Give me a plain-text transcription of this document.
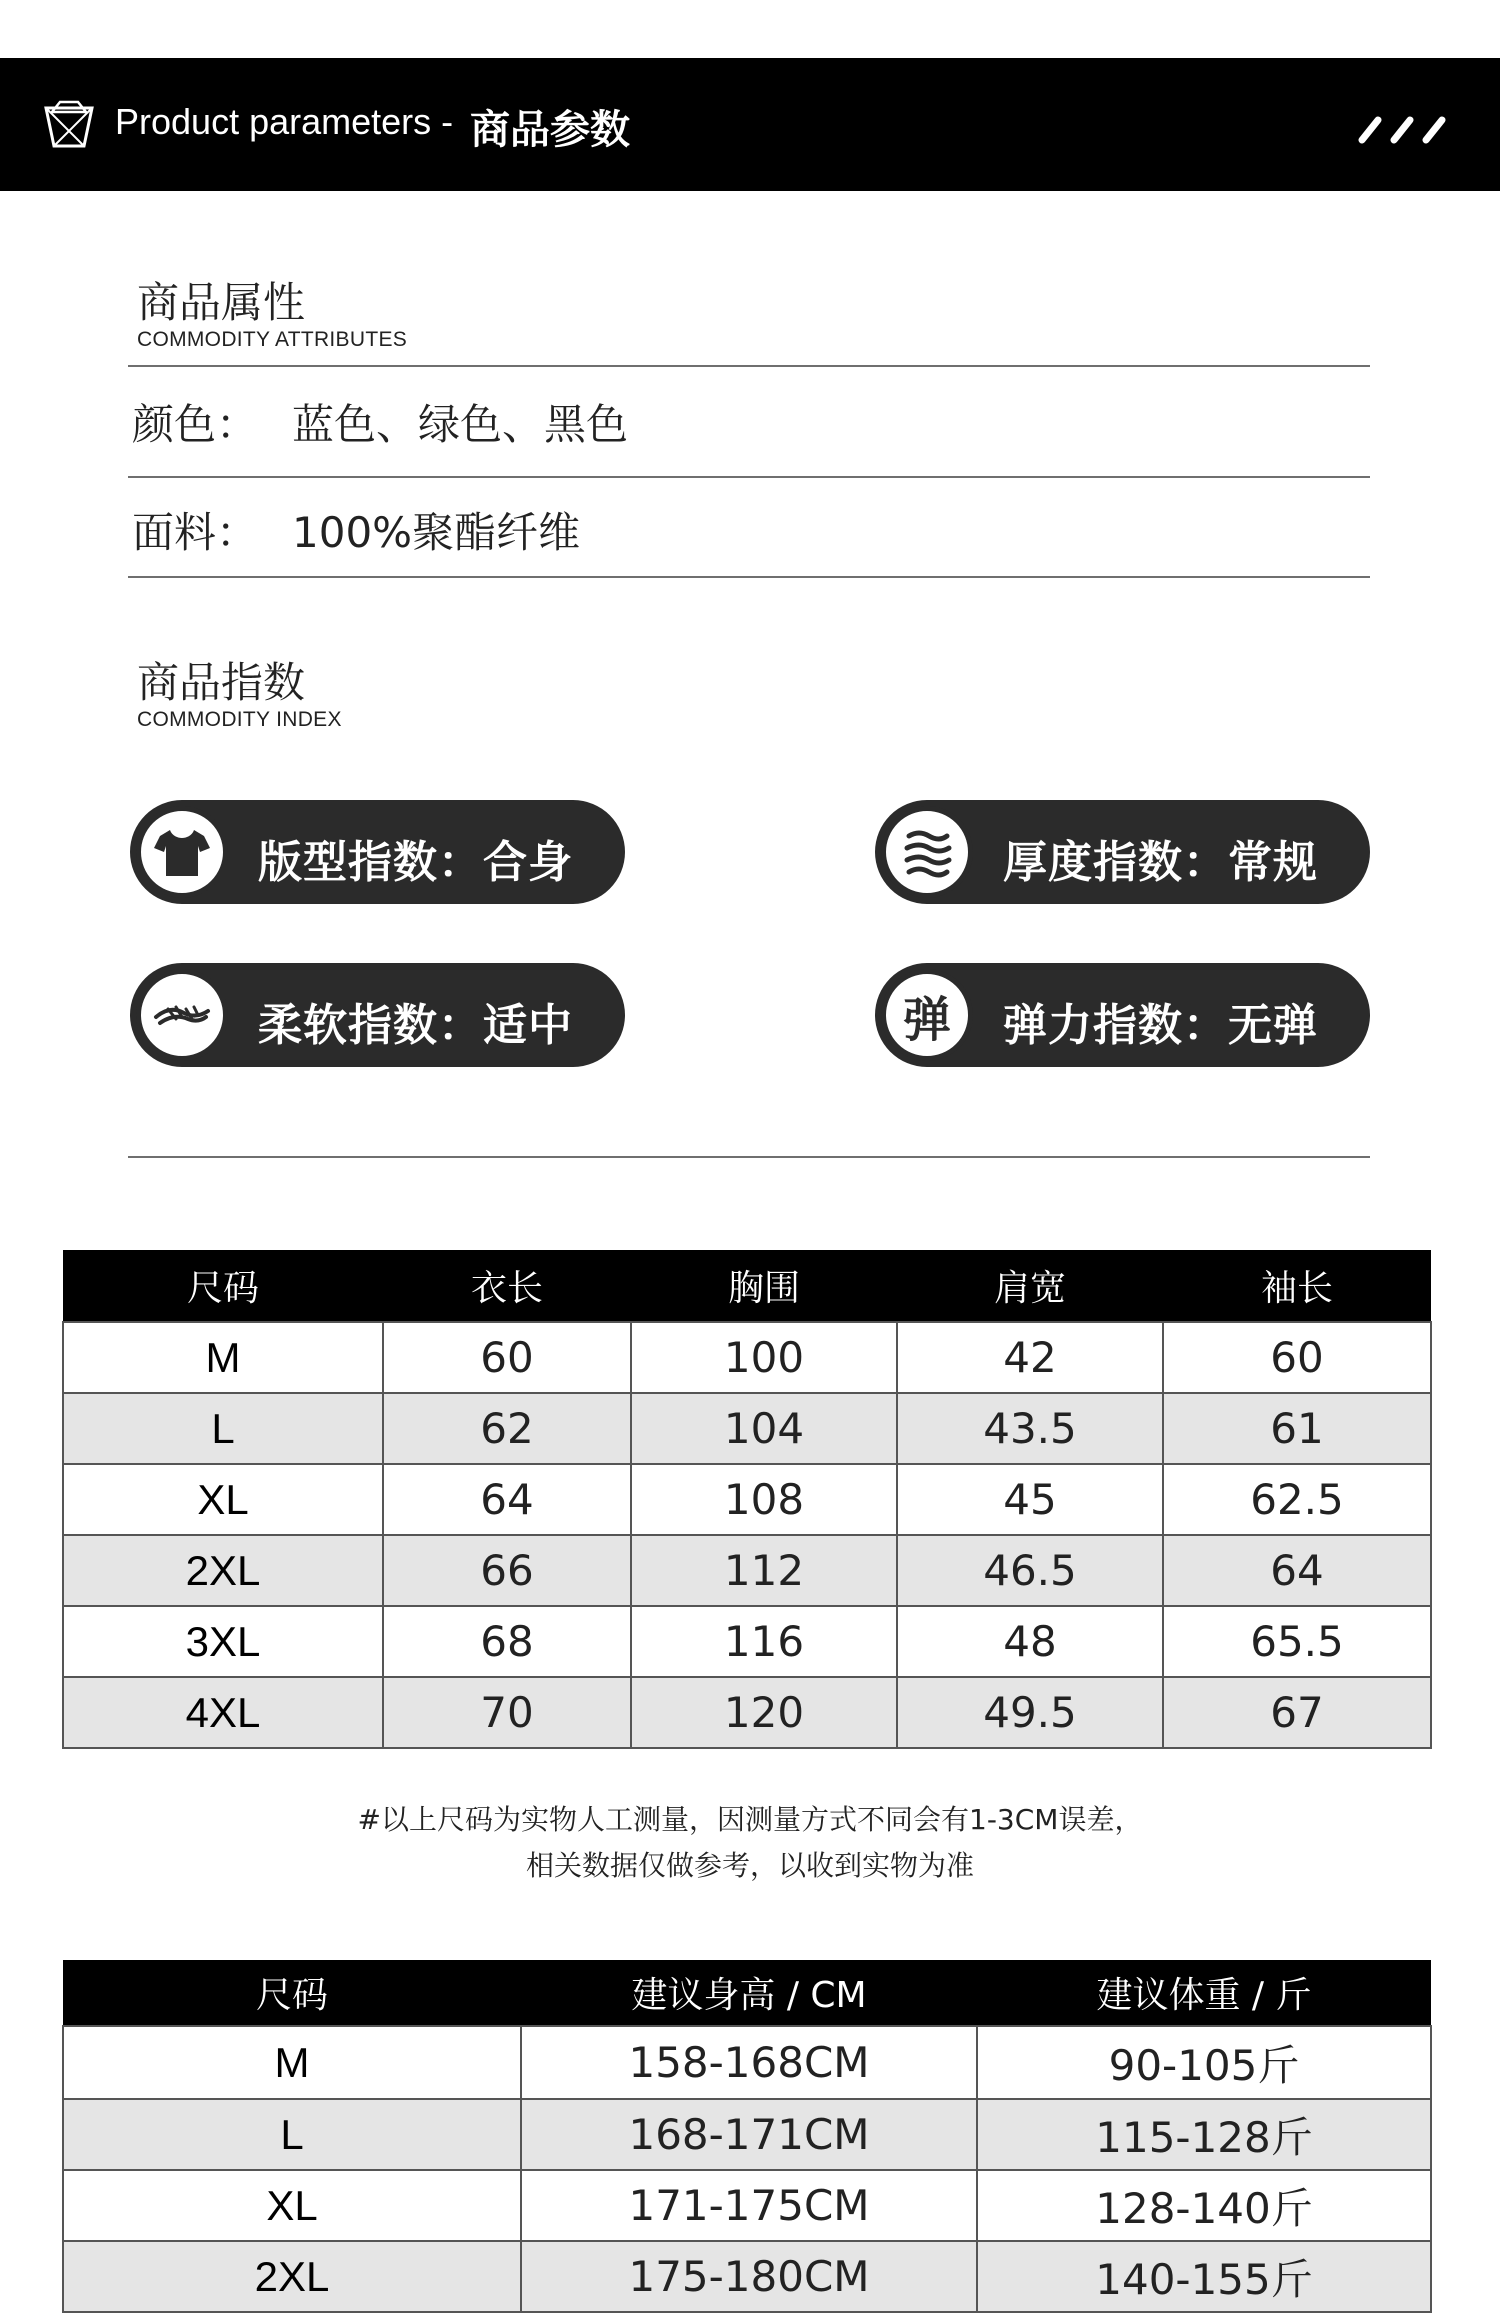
Product parameters - 商品参数
商品属性
COMMODITY ATTRIBUTES
颜色： 蓝色、绿色、黑色
面料： 100%聚酯纤维
商品指数
COMMODITY INDEX
版型指数：合身	厚度指数：常规
柔软指数：适中	弹 弹力指数：无弹
尺码	衣长	胸围	肩宽	袖长
M	60	100	42	60
L	62	104	43.5	61
XL	64	108	45	62.5
2XL	66	112	46.5	64
3XL	68	116	48	65.5
4XL	70	120	49.5	67
#以上尺码为实物人工测量，因测量方式不同会有1-3CM误差，
相关数据仅做参考，以收到实物为准
尺码	建议身高 / CM	建议体重 / 斤
M	158-168CM	90-105斤
L	168-171CM	115-128斤
XL	171-175CM	128-140斤
2XL	175-180CM	140-155斤
